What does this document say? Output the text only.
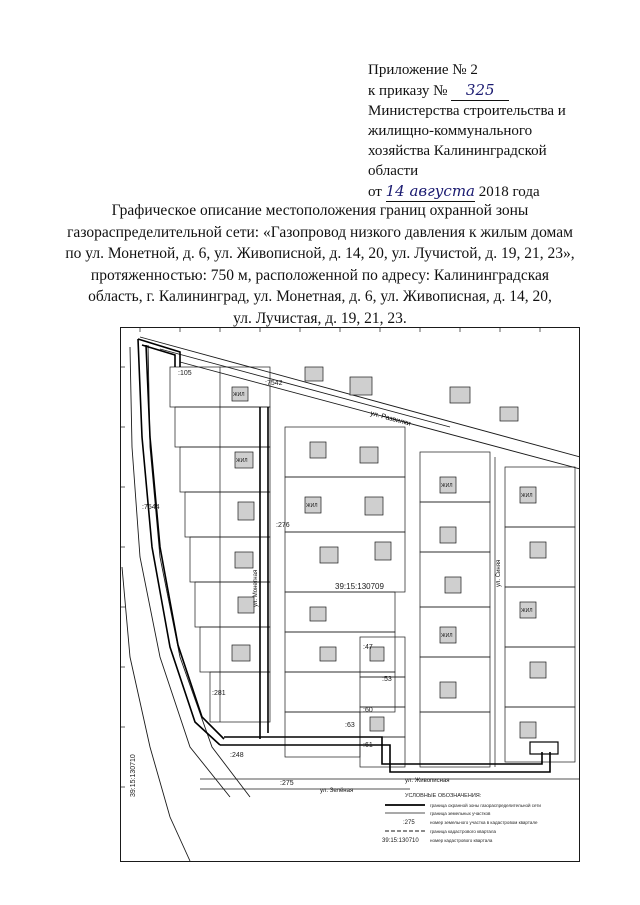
Приложение № 2
к приказу № 325
Министерства строительства и
жилищно-коммунального
хозяйства Калининградской
области
от 14 августа 2018 года
Графическое описание местоположения границ охранной зоны
газораспределительной сети: «Газопровод низкого давления к жилым домам
по ул. Монетной, д. 6, ул. Живописной, д. 14, 20, ул. Лучистой, д. 19, 21, 23»,
протяженностью: 750 м, расположенной по адресу: Калининградская
область, г. Калининград, ул. Монетная, д. 6, ул. Живописная, д. 14, 20,
ул. Лучистая, д. 19, 21, 23.
ул. Развилки
ЖИЛ
ЖИЛ
ЖИЛ
ЖИЛ
ЖИЛ
ЖИЛ
ЖИЛ
:105
:7542
:7544
:276
:248
:281
:47
:53
:60
:61
:63
:275
39:15:130709
39:15:130710
ул. Монетная
ул. Живописная
ул. Синяя
ул. Зелёная
УСЛОВНЫЕ ОБОЗНАЧЕНИЯ:
граница охранной зоны газораспределительной сети
граница земельных участков
:275	номер земельного участка в кадастровом квартале
граница кадастрового квартала
39:15:130710	номер кадастрового квартала
